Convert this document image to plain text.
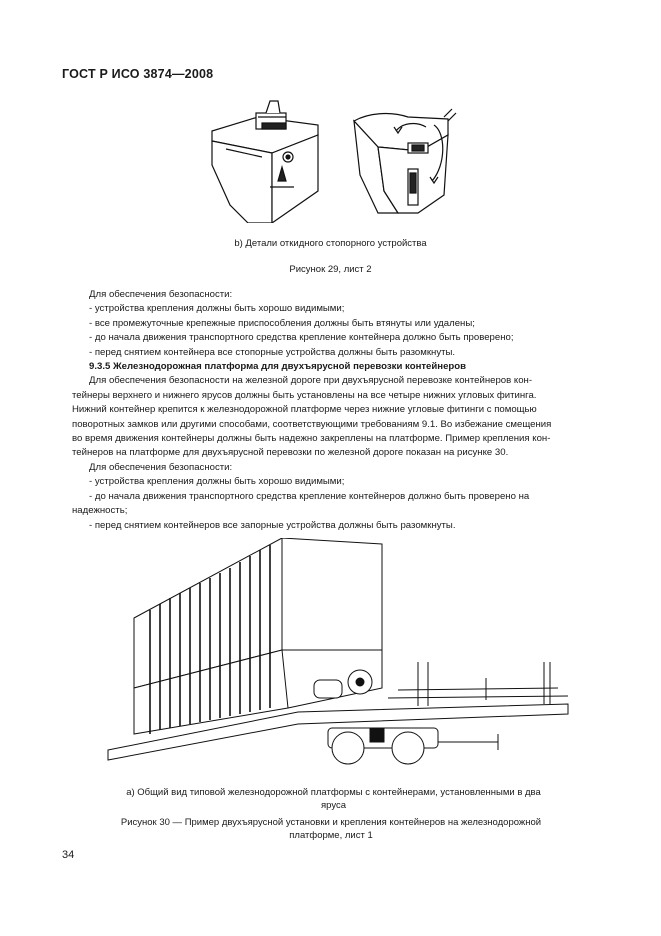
ГОСТ Р ИСО 3874—2008
b) Детали откидного стопорного устройства
Рисунок 29, лист 2

Для обеспечения безопасности:

- устройства крепления должны быть хорошо видимыми;

- все промежуточные крепежные приспособления должны быть втянуты или удалены;

- до начала движения транспортного средства крепление контейнера должно быть проверено;

- перед снятием контейнера все стопорные устройства должны быть разомкнуты.

9.3.5 Железнодорожная платформа для двухъярусной перевозки контейнеров

Для обеспечения безопасности на железной дороге при двухъярусной перевозке контейнеров кон-

тейнеры верхнего и нижнего ярусов должны быть установлены на все четыре нижних угловых фитинга.

Нижний контейнер крепится к железнодорожной платформе через нижние угловые фитинги с помощью

поворотных замков или другими способами, соответствующими требованиям 9.1. Во избежание смещения

во время движения контейнеры должны быть надежно закреплены на платформе. Пример крепления кон-

тейнеров на платформе для двухъярусной перевозки по железной дороге показан на рисунке 30.

Для обеспечения безопасности:

- устройства крепления должны быть хорошо видимыми;

- до начала движения транспортного средства крепление контейнеров должно быть проверено на

надежность;

- перед снятием контейнеров все запорные устройства должны быть разомкнуты.

a) Общий вид типовой железнодорожной платформы с контейнерами, установленными в два
яруса
Рисунок 30 — Пример двухъярусной установки и крепления контейнеров на железнодорожной
платформе, лист 1
34
